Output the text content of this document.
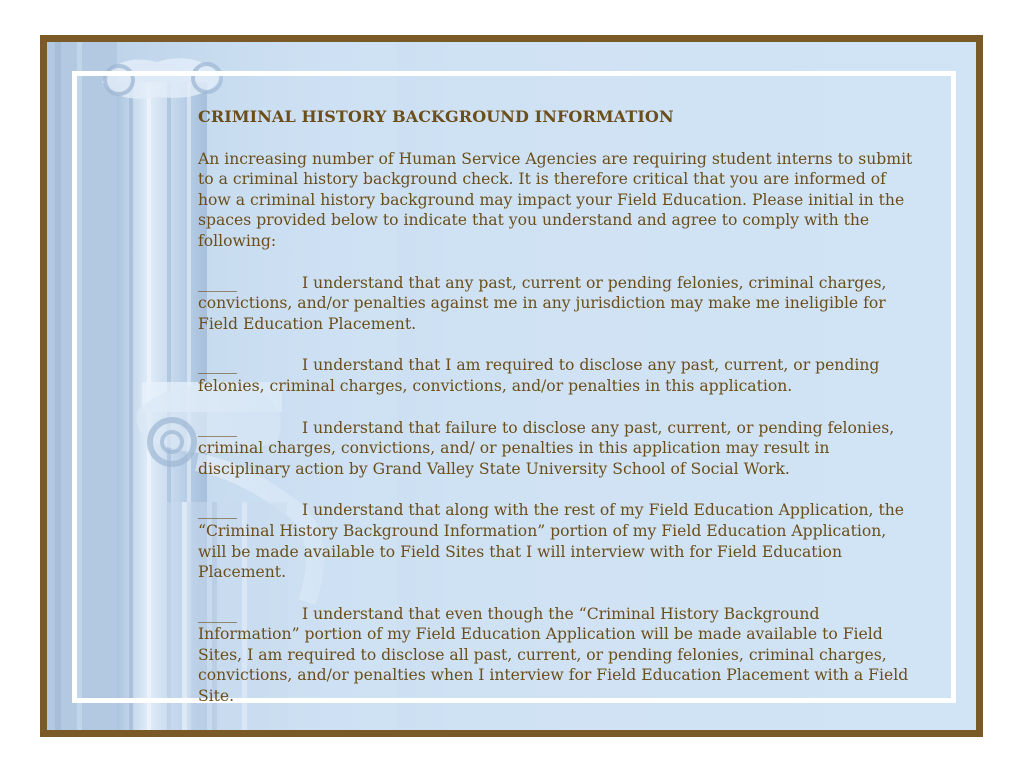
CRIMINAL HISTORY BACKGROUND INFORMATION
An increasing number of Human Service Agencies are requiring student interns to submit to a criminal history background check. It is therefore critical that you are informed of how a criminal history background may impact your Field Education. Please initial in the spaces provided below to indicate that you understand and agree to comply with the following:
_____	I understand that any past, current or pending felonies, criminal charges, convictions, and/or penalties against me in any jurisdiction may make me ineligible for Field Education Placement.
_____	I understand that I am required to disclose any past, current, or pending felonies, criminal charges, convictions, and/or penalties in this application.
_____	I understand that failure to disclose any past, current, or pending felonies, criminal charges, convictions, and/ or penalties in this application may result in disciplinary action by Grand Valley State University School of Social Work.
_____	I understand that along with the rest of my Field Education Application, the “Criminal History Background Information” portion of my Field Education Application, will be made available to Field Sites that I will interview with for Field Education Placement.
_____	I understand that even though the “Criminal History Background Information” portion of my Field Education Application will be made available to Field Sites, I am required to disclose all past, current, or pending felonies, criminal charges, convictions, and/or penalties when I interview for Field Education Placement with a Field Site.
